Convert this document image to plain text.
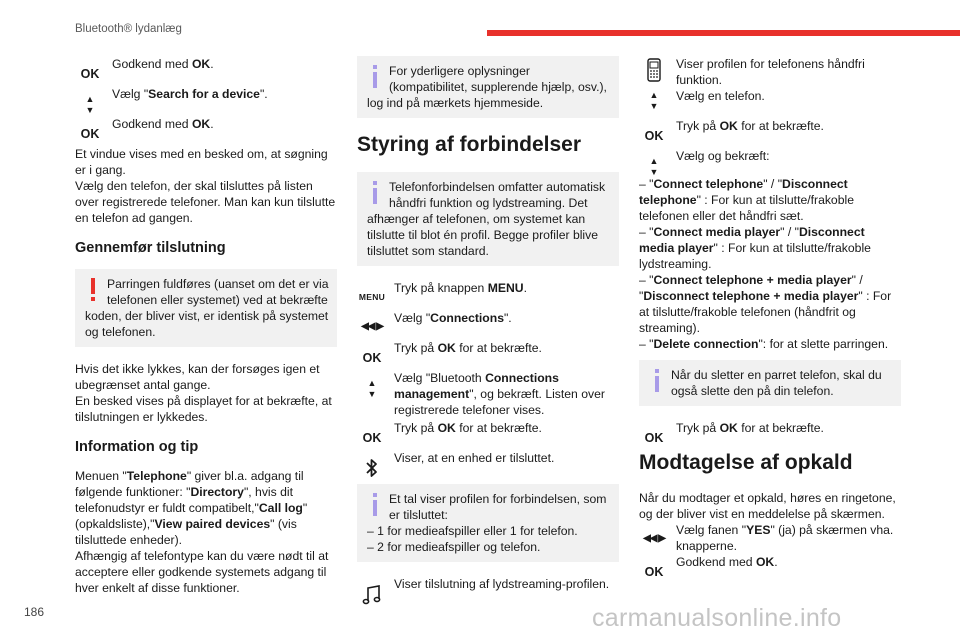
Bluetooth® lydanlæg
OK
Godkend med OK.
▲
▼
Vælg "Search for a device".
OK
Godkend med OK.

Et vindue vises med en besked om, at søgning er i gang.

Vælg den telefon, der skal tilsluttes på listen over registrerede telefoner. Man kan kun tilslutte en telefon ad gangen.

Gennemfør tilslutning
Parringen fuldføres (uanset om det er via telefonen eller systemet) ved at bekræfte koden, der bliver vist, er identisk på systemet og telefonen.

Hvis det ikke lykkes, kan der forsøges igen et ubegrænset antal gange.

En besked vises på displayet for at bekræfte, at tilslutningen er lykkedes.

Information og tip

Menuen "Telephone" giver bl.a. adgang til følgende funktioner: "Directory", hvis dit telefonudstyr er fuldt compatibelt,"Call log" (opkaldsliste),"View paired devices" (vis tilsluttede enheder).

Afhængig af telefontype kan du være nødt til at acceptere eller godkende systemets adgang til hver enkelt af disse funktioner.

For yderligere oplysninger (kompatibilitet, supplerende hjælp, osv.), log ind på mærkets hjemmeside.
Styring af forbindelser
Telefonforbindelsen omfatter automatisk håndfri funktion og lydstreaming. Det afhænger af telefonen, om systemet kan tilslutte til blot én profil. Begge profiler blive tilsluttet som standard.
MENU
Tryk på knappen MENU.
◀◀ ▶
Vælg "Connections".
OK
Tryk på OK for at bekræfte.
▲
▼
Vælg "Bluetooth Connections management", og bekræft. Listen over registrerede telefoner vises.
OK
Tryk på OK for at bekræfte.
Viser, at en enhed er tilsluttet.
Et tal viser profilen for forbindelsen, som er tilsluttet:
– 1 for medieafspiller eller 1 for telefon.
– 2 for medieafspiller og telefon.
Viser tilslutning af lydstreaming-profilen.
Viser profilen for telefonens håndfri funktion.
▲
▼
Vælg en telefon.
OK
Tryk på OK for at bekræfte.
▲
▼
Vælg og bekræft:

– "Connect telephone" / "Disconnect telephone" : For kun at tilslutte/frakoble telefonen eller det håndfri sæt.

– "Connect media player" / "Disconnect media player" : For kun at tilslutte/frakoble lydstreaming.

– "Connect telephone + media player" / "Disconnect telephone + media player" : For at tilslutte/frakoble telefonen (håndfrit og streaming).

– "Delete connection": for at slette parringen.

Når du sletter en parret telefon, skal du også slette den på din telefon.
OK
Tryk på OK for at bekræfte.
Modtagelse af opkald

Når du modtager et opkald, høres en ringetone, og der bliver vist en meddelelse på skærmen.

◀◀ ▶
Vælg fanen "YES" (ja) på skærmen vha. knapperne.
OK
Godkend med OK.
186	carmanualsonline.info
